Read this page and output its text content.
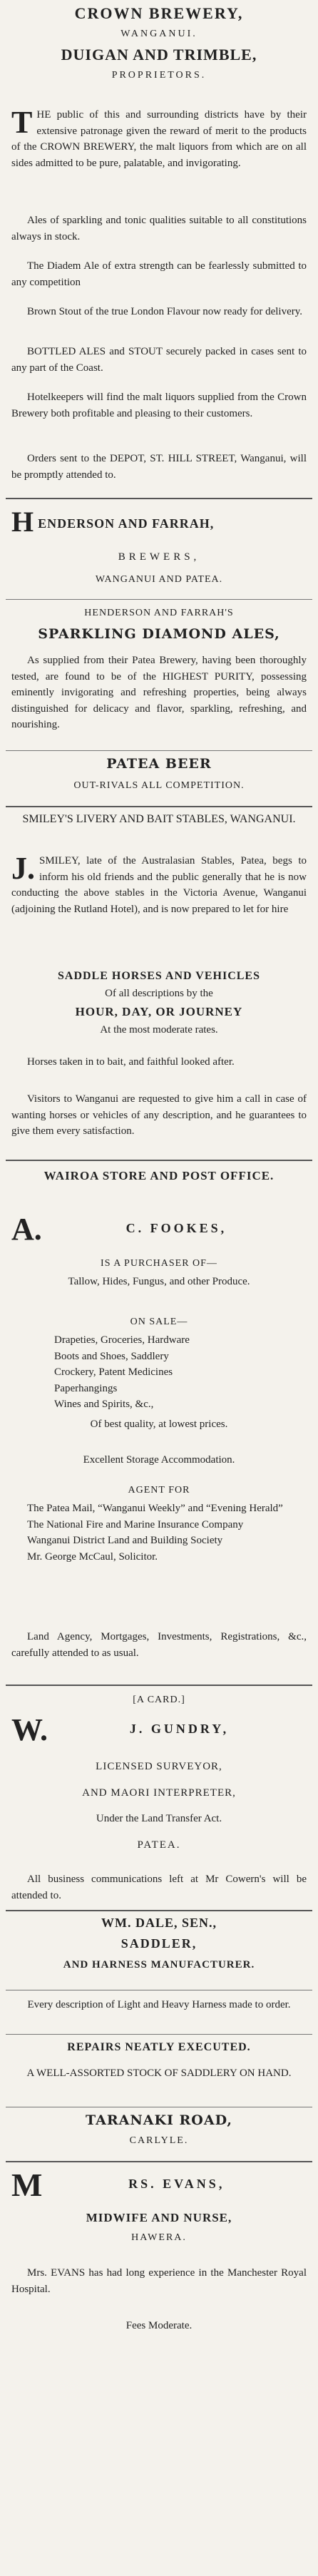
CROWN BREWERY,

WANGANUI.

DUIGAN AND TRIMBLE,

PROPRIETORS.

T HE public of this and surrounding districts have by their extensive patronage given the reward of merit to the products of the CROWN BREWERY, the malt liquors from which are on all sides admitted to be pure, palatable, and invigorating.
Ales of sparkling and tonic qualities suitable to all constitutions always in stock.
The Diadem Ale of extra strength can be fearlessly submitted to any competition
Brown Stout of the true London Flavour now ready for delivery.
BOTTLED ALES and STOUT securely packed in cases sent to any part of the Coast.
Hotelkeepers will find the malt liquors supplied from the Crown Brewery both profitable and pleasing to their customers.
Orders sent to the DEPOT, ST. HILL STREET, Wanganui, will be promptly attended to.
H ENDERSON AND FARRAH,

BREWERS,

WANGANUI AND PATEA.

HENDERSON AND FARRAH'S

SPARKLING DIAMOND ALES,

As supplied from their Patea Brewery, having been thoroughly tested, are found to be of the HIGHEST PURITY, possessing eminently invigorating and refreshing properties, being always distinguished for delicacy and flavor, sparkling, refreshing, and nourishing.

PATEA BEER

OUT-RIVALS ALL COMPETITION.

SMILEY'S LIVERY AND BAIT STABLES, WANGANUI.
J. SMILEY, late of the Australasian Stables, Patea, begs to inform his old friends and the public generally that he is now conducting the above stables in the Victoria Avenue, Wanganui (adjoining the Rutland Hotel), and is now prepared to let for hire

SADDLE HORSES AND VEHICLES

Of all descriptions by the

HOUR, DAY, OR JOURNEY

At the most moderate rates.

Horses taken in to bait, and faithful looked after.
Visitors to Wanganui are requested to give him a call in case of wanting horses or vehicles of any description, and he guarantees to give them every satisfaction.
WAIROA STORE AND POST OFFICE.
A.	C. FOOKES,

IS A PURCHASER OF—
Tallow, Hides, Fungus, and other Produce.
ON SALE—

Drapeties, Groceries, Hardware

Boots and Shoes, Saddlery

Crockery, Patent Medicines

Paperhangings

Wines and Spirits, &c.,

Of best quality, at lowest prices.
Excellent Storage Accommodation.
AGENT FOR

The Patea Mail, “Wanganui Weekly” and “Evening Herald”

The National Fire and Marine Insurance Company

Wanganui District Land and Building Society

Mr. George McCaul, Solicitor.

Land Agency, Mortgages, Investments, Registrations, &c., carefully attended to as usual.
[A CARD.]
W.	J. GUNDRY,

LICENSED SURVEYOR,

AND MAORI INTERPRETER,

Under the Land Transfer Act.

PATEA.

All business communications left at Mr Cowern's will be attended to.

WM. DALE, SEN.,

SADDLER,

AND HARNESS MANUFACTURER.

Every description of Light and Heavy Harness made to order.
REPAIRS NEATLY EXECUTED.
A WELL-ASSORTED STOCK OF SADDLERY ON HAND.

TARANAKI ROAD,

CARLYLE.

M	RS. EVANS,

MIDWIFE AND NURSE,

HAWERA.

Mrs. EVANS has had long experience in the Manchester Royal Hospital.
Fees Moderate.
